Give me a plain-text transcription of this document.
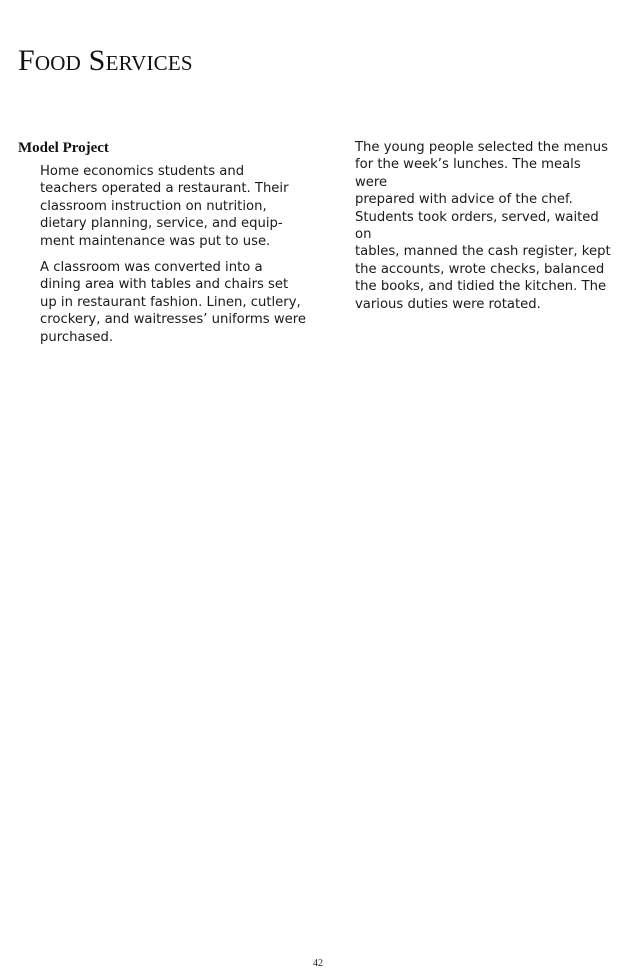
Food Services
Model Project

Home economics students and
teachers operated a restaurant. Their
classroom instruction on nutrition,
dietary planning, service, and equip-
ment maintenance was put to use.

A classroom was converted into a
dining area with tables and chairs set
up in restaurant fashion. Linen, cutlery,
crockery, and waitresses’ uniforms were
purchased.

The young people selected the menus
for the week’s lunches. The meals were
prepared with advice of the chef.
Students took orders, served, waited on
tables, manned the cash register, kept
the accounts, wrote checks, balanced
the books, and tidied the kitchen. The
various duties were rotated.

42
